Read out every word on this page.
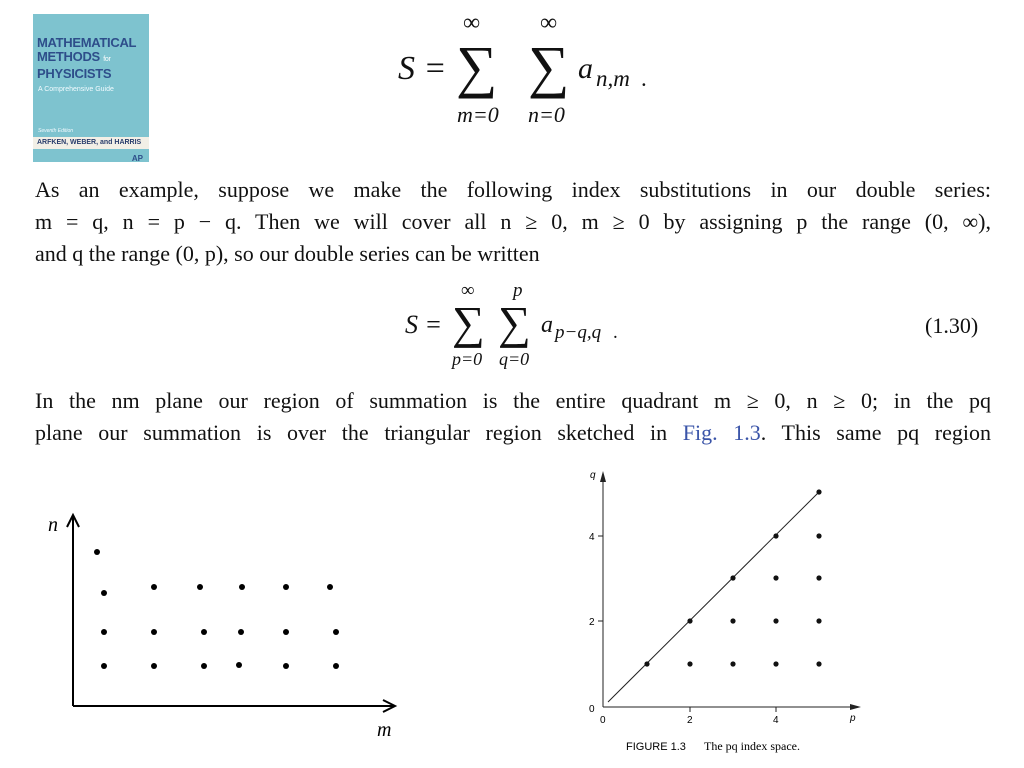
MATHEMATICAL
METHODS for
PHYSICISTS
A Comprehensive Guide
Seventh Edition
ARFKEN, WEBER, and HARRIS
AP
S =
∞
∑
m=0
∞
∑
n=0
a n,m .
As an example, suppose we make the following index substitutions in our double series:
m = q, n = p − q. Then we will cover all n ≥ 0, m ≥ 0 by assigning p the range (0, ∞),
and q the range (0, p), so our double series can be written
S =
∞
∑
p=0
p
∑
q=0
a p−q,q .	(1.30)
In the nm plane our region of summation is the entire quadrant m ≥ 0, n ≥ 0; in the pq
plane our summation is over the triangular region sketched in Fig. 1.3. This same pq region
n
m	0	2	4
0
2
4
q
p
FIGURE 1.3 The pq index space.
